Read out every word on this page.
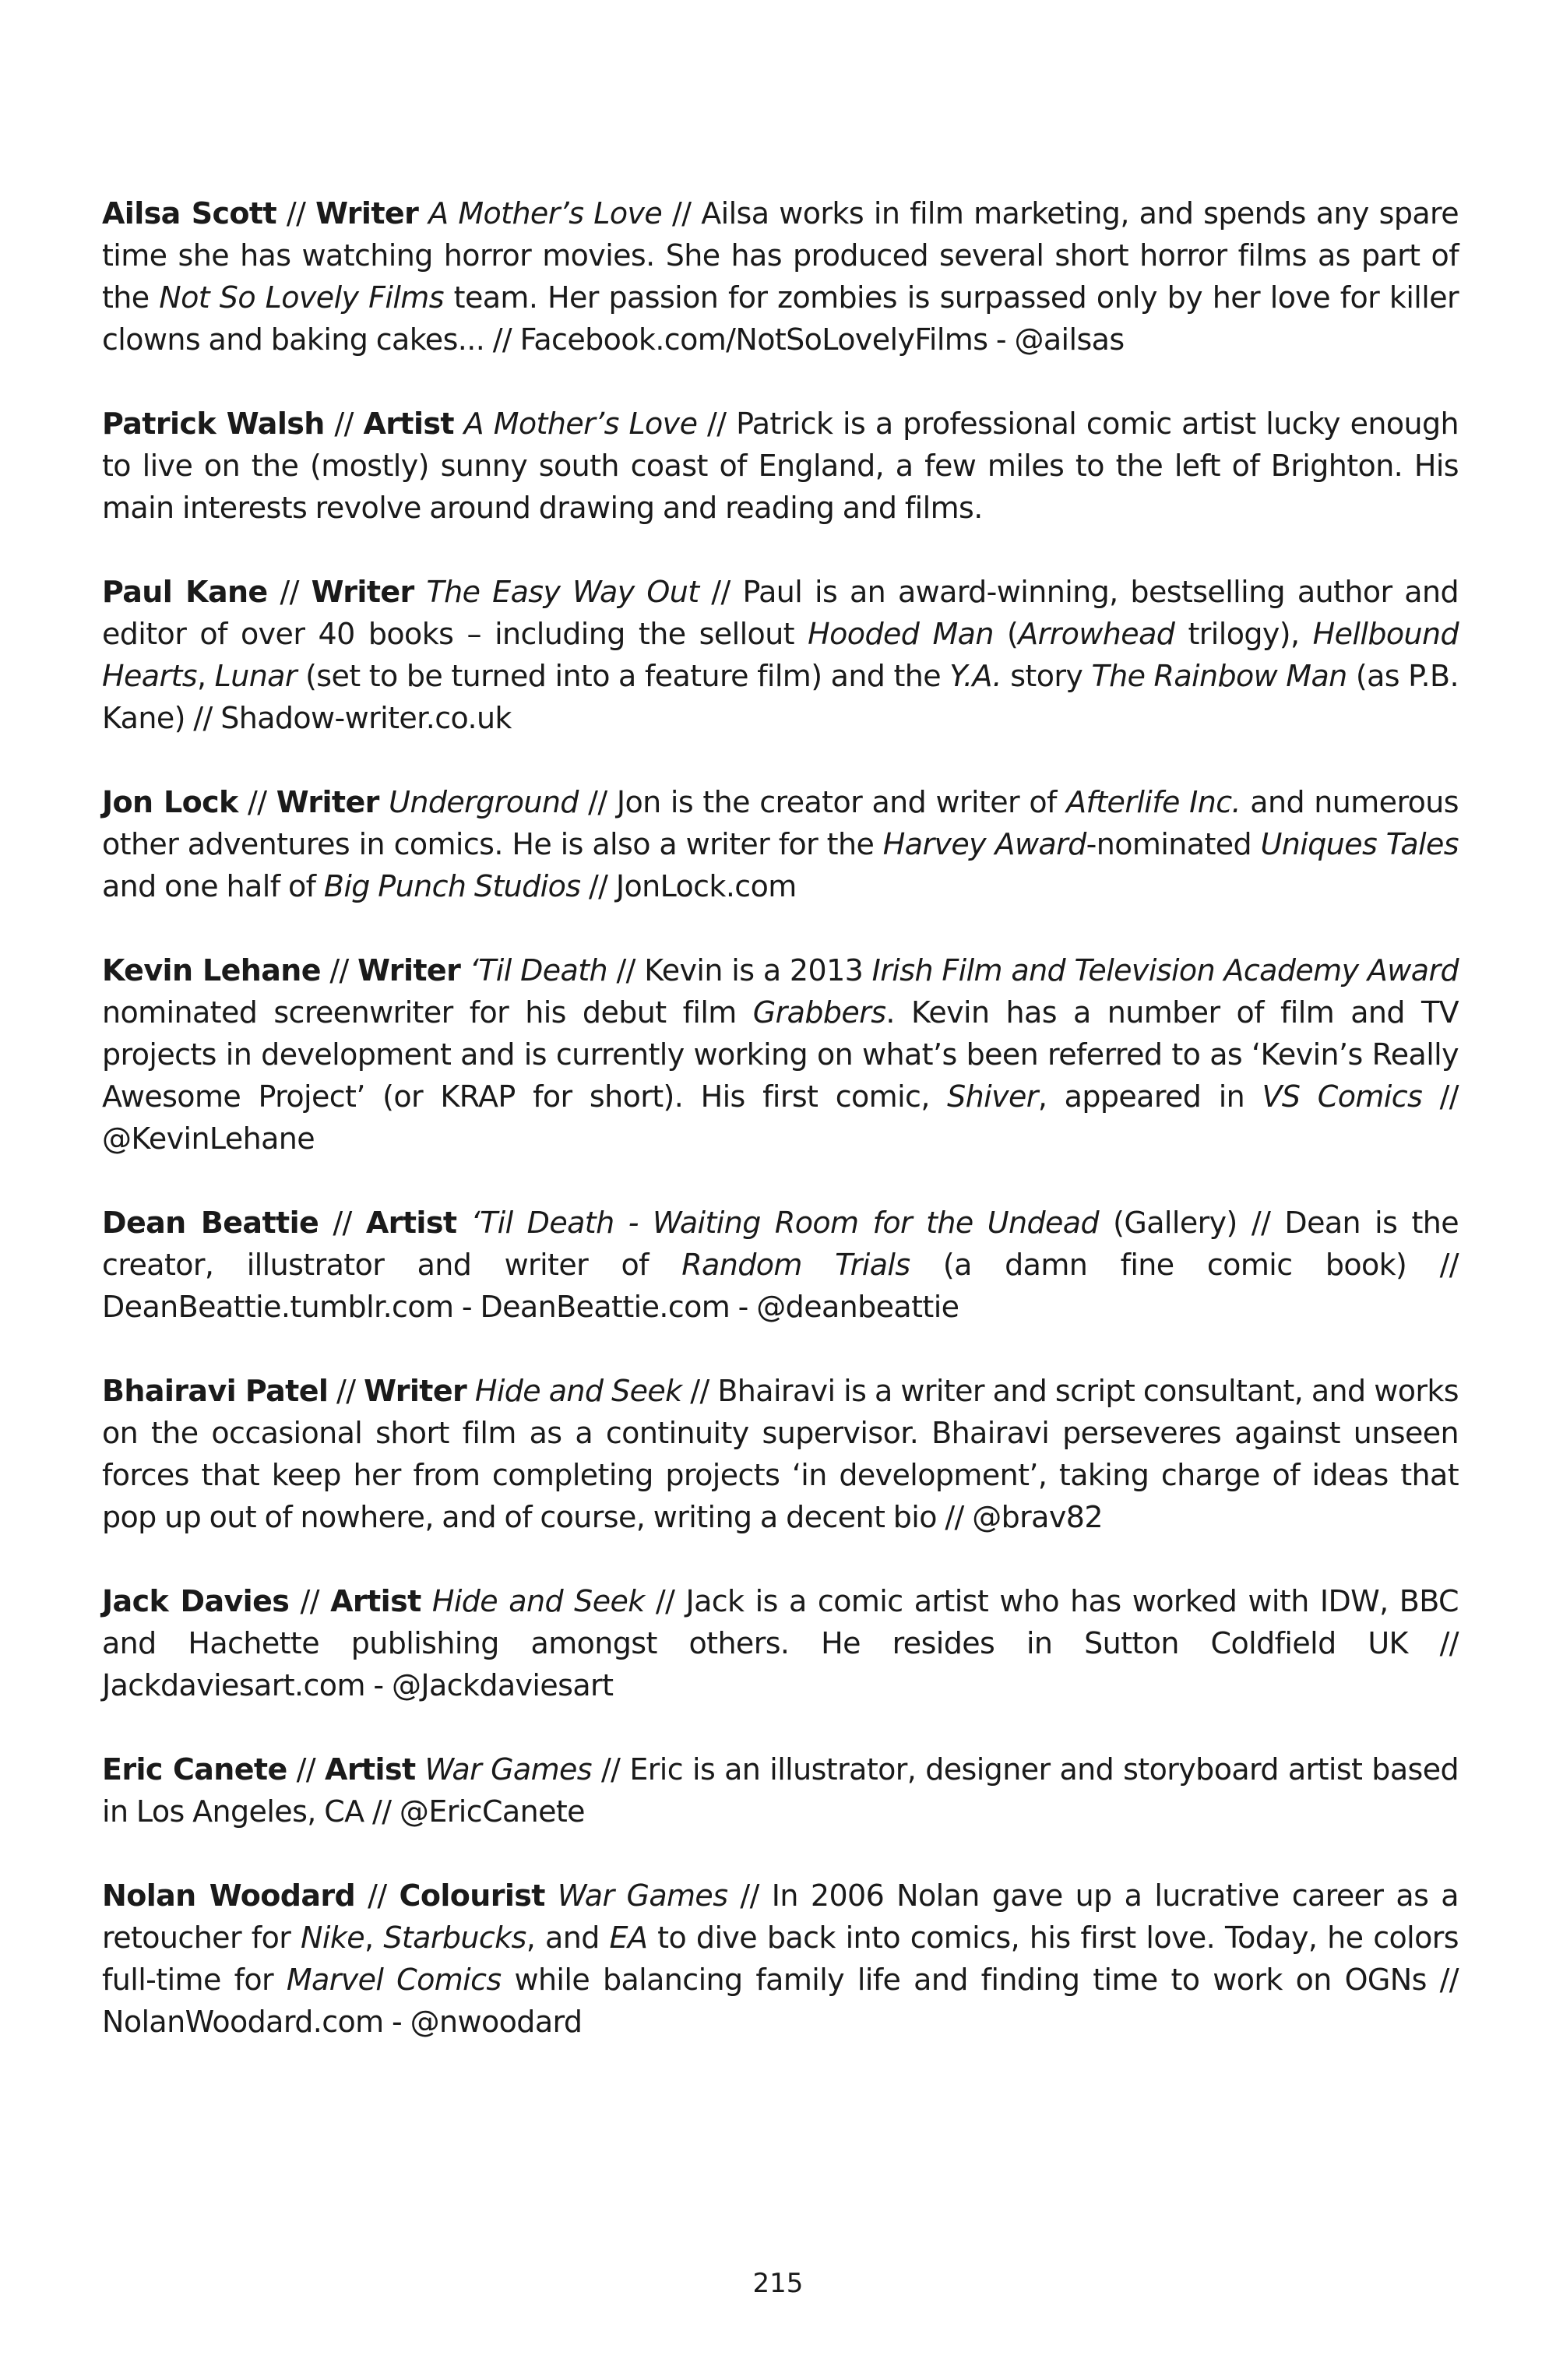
Ailsa Scott // Writer A Mother’s Love // Ailsa works in film marketing, and spends any spare time she has watching horror movies. She has produced several short horror films as part of the Not So Lovely Films team. Her passion for zombies is surpassed only by her love for killer clowns and baking cakes... // Facebook.com/NotSoLovelyFilms - @ailsas

Patrick Walsh // Artist A Mother’s Love // Patrick is a professional comic artist lucky enough to live on the (mostly) sunny south coast of England, a few miles to the left of Brighton. His main interests revolve around drawing and reading and films.

Paul Kane // Writer The Easy Way Out // Paul is an award-winning, bestselling author and editor of over 40 books – including the sellout Hooded Man (Arrowhead trilogy), Hellbound Hearts, Lunar (set to be turned into a feature film) and the Y.A. story The Rainbow Man (as P.B. Kane) // Shadow-writer.co.uk

Jon Lock // Writer Underground // Jon is the creator and writer of Afterlife Inc. and numerous other adventures in comics. He is also a writer for the Harvey Award-nominated Uniques Tales and one half of Big Punch Studios // JonLock.com

Kevin Lehane // Writer ‘Til Death // Kevin is a 2013 Irish Film and Television Academy Award nominated screenwriter for his debut film Grabbers. Kevin has a number of film and TV projects in development and is currently working on what’s been referred to as ‘Kevin’s Really Awesome Project’ (or KRAP for short). His first comic, Shiver, appeared in VS Comics // @KevinLehane

Dean Beattie // Artist ‘Til Death - Waiting Room for the Undead (Gallery) // Dean is the creator, illustrator and writer of Random Trials (a damn fine comic book) // DeanBeattie.tumblr.com - DeanBeattie.com - @deanbeattie

Bhairavi Patel // Writer Hide and Seek // Bhairavi is a writer and script consultant, and works on the occasional short film as a continuity supervisor. Bhairavi perseveres against unseen forces that keep her from completing projects ‘in development’, taking charge of ideas that pop up out of nowhere, and of course, writing a decent bio // @brav82

Jack Davies // Artist Hide and Seek // Jack is a comic artist who has worked with IDW, BBC and Hachette publishing amongst others. He resides in Sutton Coldfield UK // Jackdaviesart.com - @Jackdaviesart

Eric Canete // Artist War Games // Eric is an illustrator, designer and storyboard artist based in Los Angeles, CA // @EricCanete

Nolan Woodard // Colourist War Games // In 2006 Nolan gave up a lucrative career as a retoucher for Nike, Starbucks, and EA to dive back into comics, his first love. Today, he colors full-time for Marvel Comics while balancing family life and finding time to work on OGNs // NolanWoodard.com - @nwoodard

215
